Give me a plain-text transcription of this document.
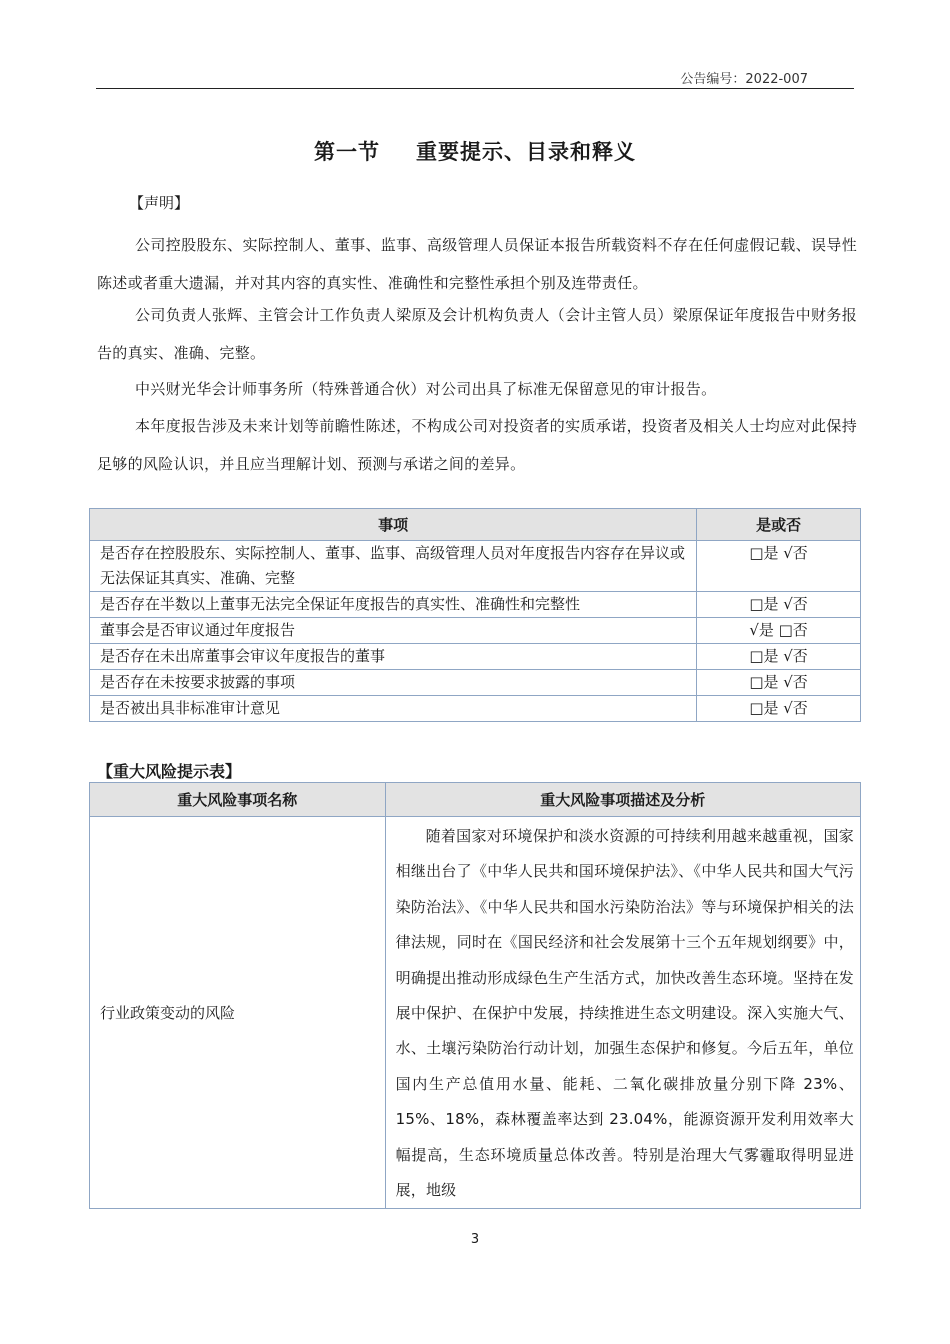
公告编号：2022-007
第一节 重要提示、目录和释义
【声明】
公司控股股东、实际控制人、董事、监事、高级管理人员保证本报告所载资料不存在任何虚假记载、误导性陈述或者重大遗漏，并对其内容的真实性、准确性和完整性承担个别及连带责任。
公司负责人张辉、主管会计工作负责人梁原及会计机构负责人（会计主管人员）梁原保证年度报告中财务报告的真实、准确、完整。
中兴财光华会计师事务所（特殊普通合伙）对公司出具了标准无保留意见的审计报告。
本年度报告涉及未来计划等前瞻性陈述，不构成公司对投资者的实质承诺，投资者及相关人士均应对此保持足够的风险认识，并且应当理解计划、预测与承诺之间的差异。
事项	是或否
是否存在控股股东、实际控制人、董事、监事、高级管理人员对年度报告内容存在异议或无法保证其真实、准确、完整	□是 √否
是否存在半数以上董事无法完全保证年度报告的真实性、准确性和完整性	□是 √否
董事会是否审议通过年度报告	√是 □否
是否存在未出席董事会审议年度报告的董事	□是 √否
是否存在未按要求披露的事项	□是 √否
是否被出具非标准审计意见	□是 √否
【重大风险提示表】
重大风险事项名称	重大风险事项描述及分析
行业政策变动的风险	随着国家对环境保护和淡水资源的可持续利用越来越重视，国家相继出台了《中华人民共和国环境保护法》、《中华人民共和国大气污染防治法》、《中华人民共和国水污染防治法》等与环境保护相关的法律法规，同时在《国民经济和社会发展第十三个五年规划纲要》中，明确提出推动形成绿色生产生活方式，加快改善生态环境。坚持在发展中保护、在保护中发展，持续推进生态文明建设。深入实施大气、水、土壤污染防治行动计划，加强生态保护和修复。今后五年，单位国内生产总值用水量、能耗、二氧化碳排放量分别下降 23%、15%、18%，森林覆盖率达到 23.04%，能源资源开发利用效率大幅提高，生态环境质量总体改善。特别是治理大气雾霾取得明显进展，地级
3
